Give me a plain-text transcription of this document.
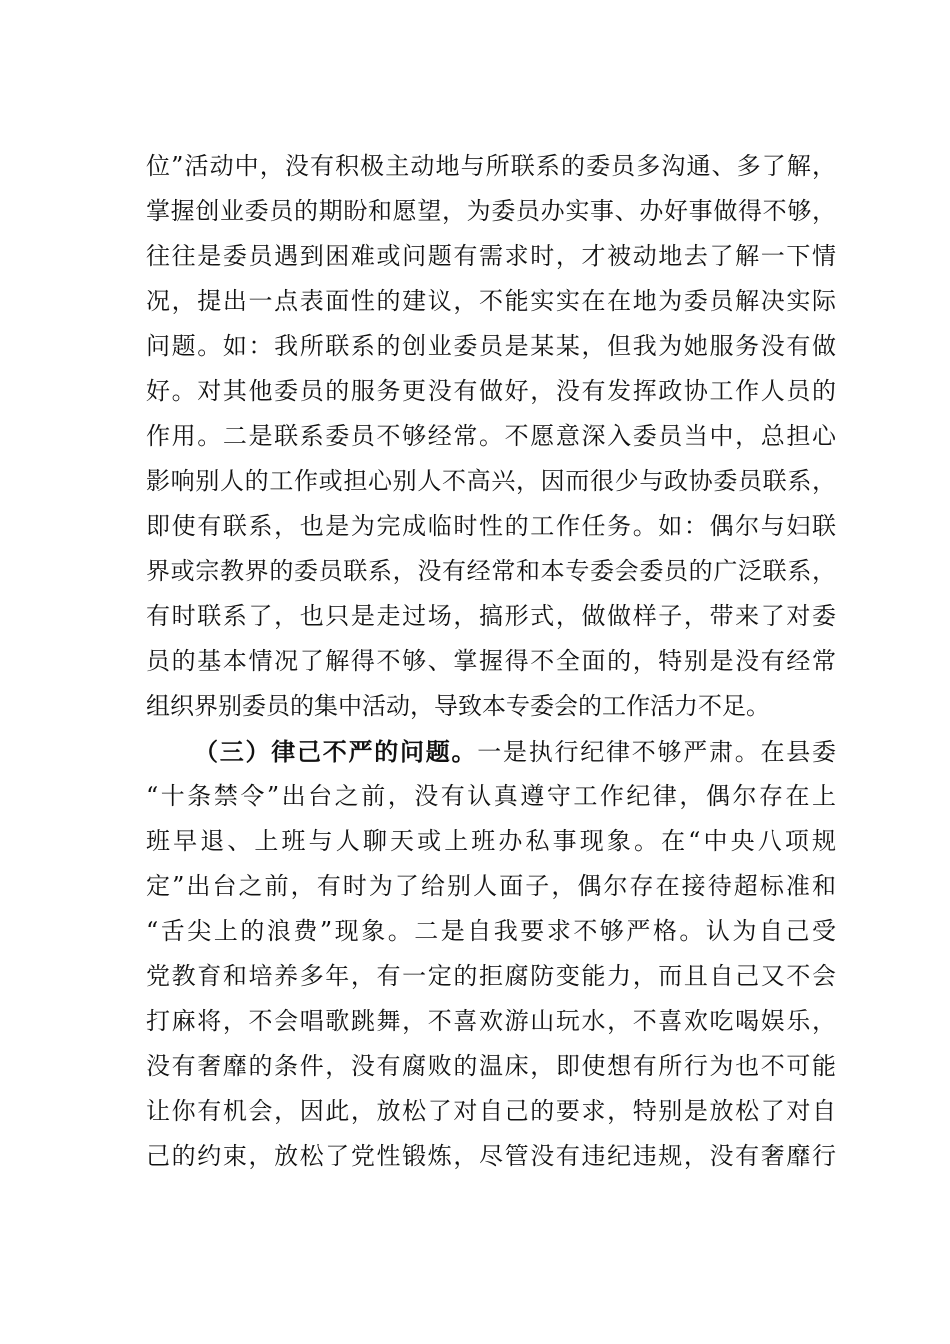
位”活动中，没有积极主动地与所联系的委员多沟通、多了解，
掌握创业委员的期盼和愿望，为委员办实事、办好事做得不够，
往往是委员遇到困难或问题有需求时，才被动地去了解一下情
况，提出一点表面性的建议，不能实实在在地为委员解决实际
问题。如：我所联系的创业委员是某某，但我为她服务没有做
好。对其他委员的服务更没有做好，没有发挥政协工作人员的
作用。二是联系委员不够经常。不愿意深入委员当中，总担心
影响别人的工作或担心别人不高兴，因而很少与政协委员联系，
即使有联系，也是为完成临时性的工作任务。如：偶尔与妇联
界或宗教界的委员联系，没有经常和本专委会委员的广泛联系，
有时联系了，也只是走过场，搞形式，做做样子，带来了对委
员的基本情况了解得不够、掌握得不全面的，特别是没有经常
组织界别委员的集中活动，导致本专委会的工作活力不足。
（三）律己不严的问题。一是执行纪律不够严肃。在县委
“十条禁令”出台之前，没有认真遵守工作纪律，偶尔存在上
班早退、上班与人聊天或上班办私事现象。在“中央八项规
定”出台之前，有时为了给别人面子，偶尔存在接待超标准和
“舌尖上的浪费”现象。二是自我要求不够严格。认为自己受
党教育和培养多年，有一定的拒腐防变能力，而且自己又不会
打麻将，不会唱歌跳舞，不喜欢游山玩水，不喜欢吃喝娱乐，
没有奢靡的条件，没有腐败的温床，即使想有所行为也不可能
让你有机会，因此，放松了对自己的要求，特别是放松了对自
己的约束，放松了党性锻炼，尽管没有违纪违规，没有奢靡行
